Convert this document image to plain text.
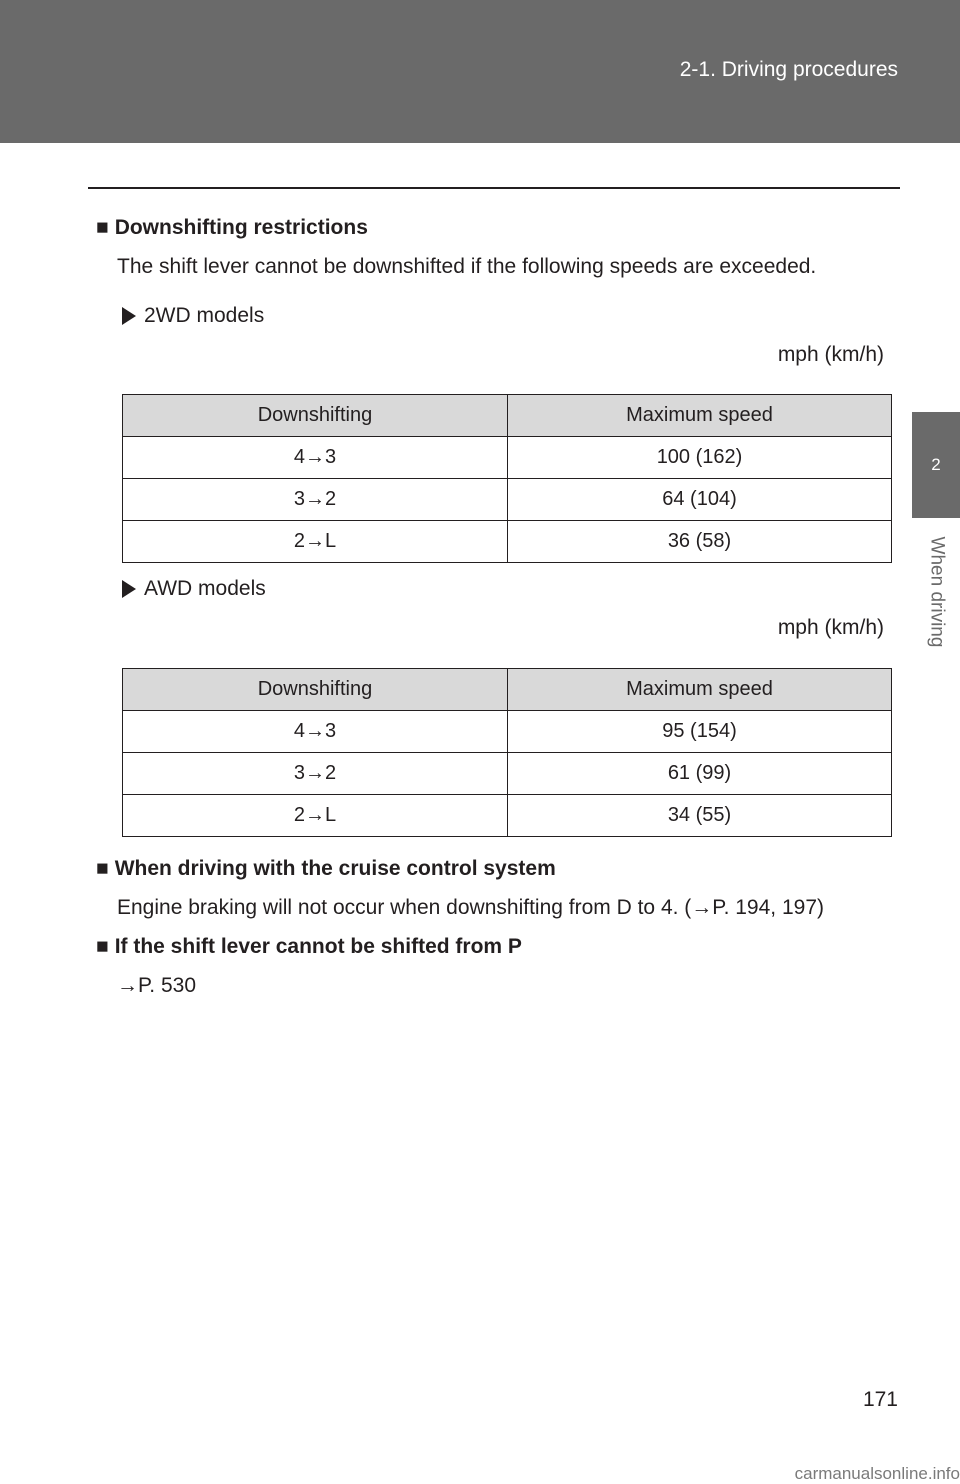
2-1. Driving procedures
2
When driving
■ Downshifting restrictions
The shift lever cannot be downshifted if the following speeds are exceeded.
2WD models
mph (km/h)
Downshifting	Maximum speed
4→3	100 (162)
3→2	64 (104)
2→L	36 (58)
AWD models
mph (km/h)
Downshifting	Maximum speed
4→3	95 (154)
3→2	61 (99)
2→L	34 (55)
■ When driving with the cruise control system
Engine braking will not occur when downshifting from D to 4. (→P. 194, 197)
■ If the shift lever cannot be shifted from P
→P. 530
171
carmanualsonline.info
